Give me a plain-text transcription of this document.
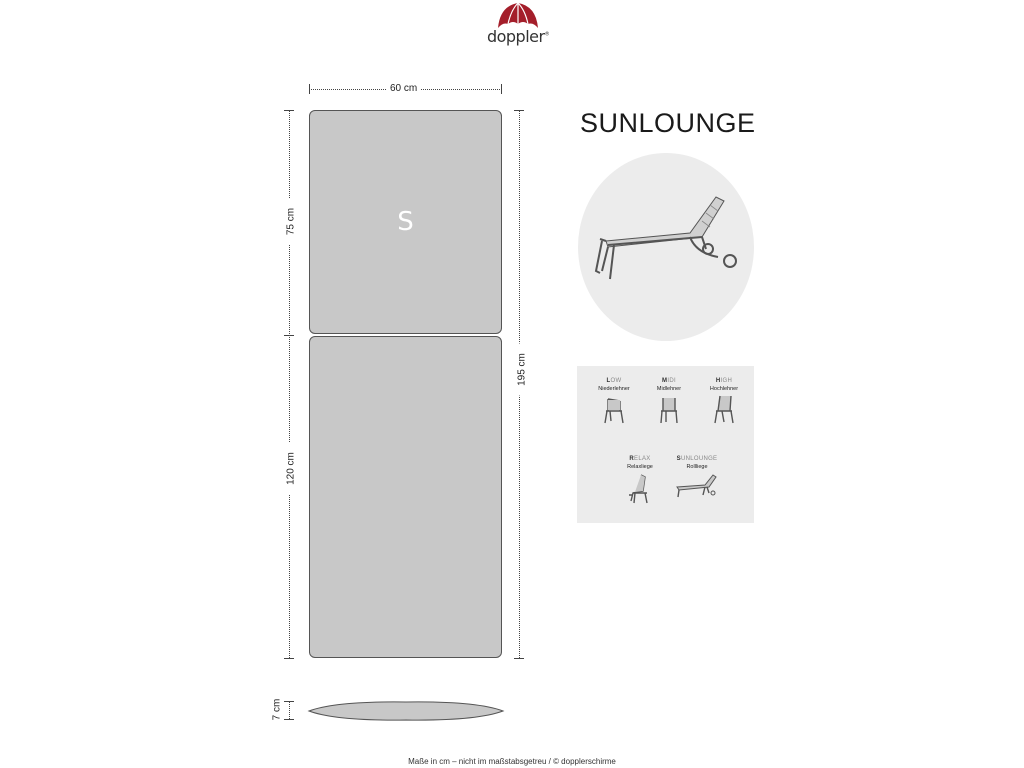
doppler®
60 cm
S
75 cm
120 cm
195 cm
7 cm
SUNLOUNGE
LOW
Niederlehner
MIDI
Midlehner
HIGH
Hochlehner
RELAX
Relaxliege
SUNLOUNGE
Rollliege
Maße in cm – nicht im maßstabsgetreu / © dopplerschirme
